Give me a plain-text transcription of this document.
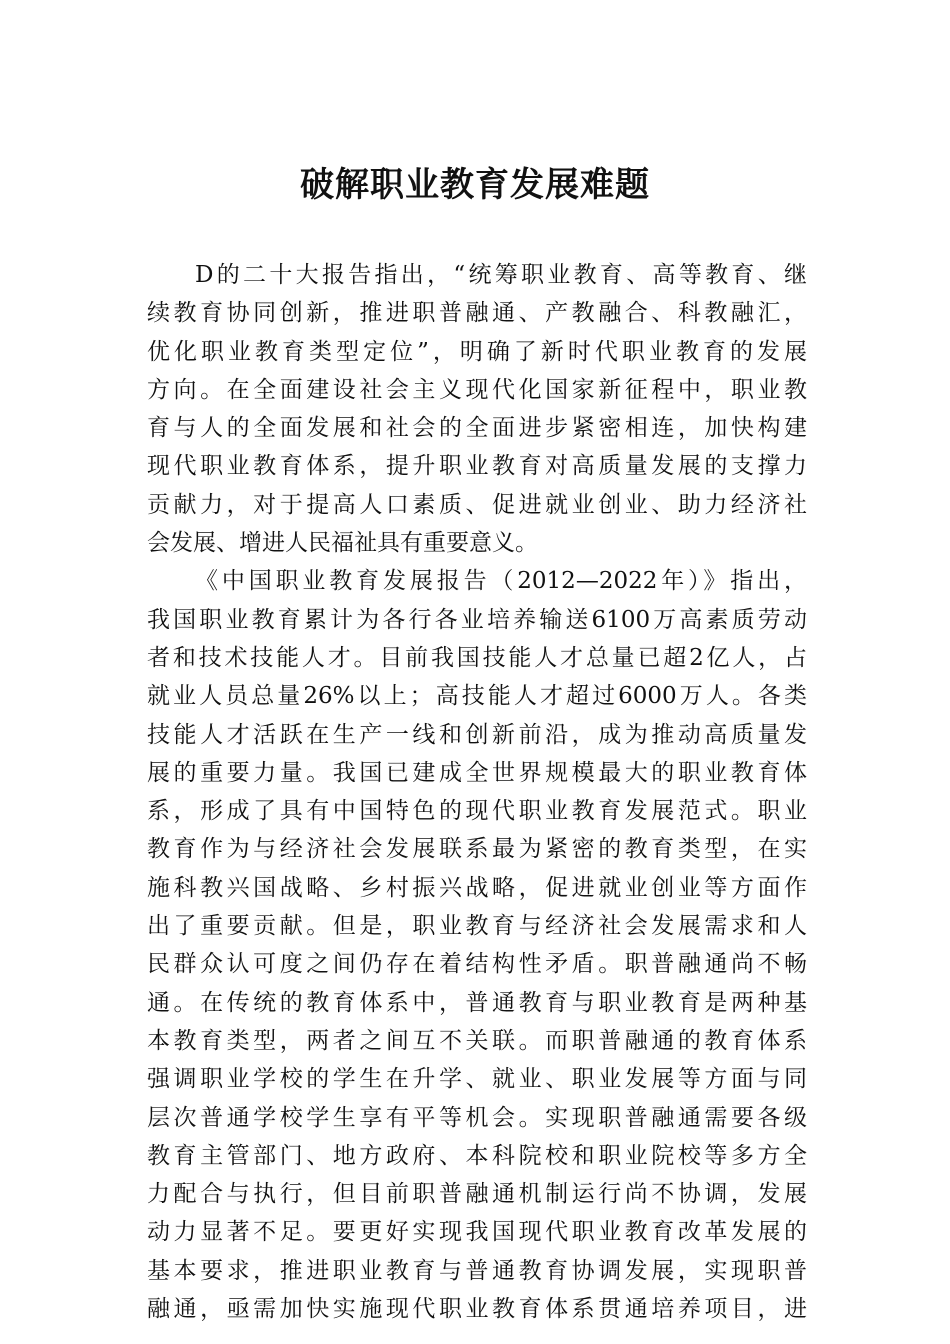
破解职业教育发展难题
D的二十大报告指出，“统筹职业教育、高等教育、继
续教育协同创新，推进职普融通、产教融合、科教融汇，
优化职业教育类型定位”，明确了新时代职业教育的发展
方向。在全面建设社会主义现代化国家新征程中，职业教
育与人的全面发展和社会的全面进步紧密相连，加快构建
现代职业教育体系，提升职业教育对高质量发展的支撑力
贡献力，对于提高人口素质、促进就业创业、助力经济社
会发展、增进人民福祉具有重要意义。
《中国职业教育发展报告（2012—2022年）》指出，
我国职业教育累计为各行各业培养输送6100万高素质劳动
者和技术技能人才。目前我国技能人才总量已超2亿人，占
就业人员总量26%以上；高技能人才超过6000万人。各类
技能人才活跃在生产一线和创新前沿，成为推动高质量发
展的重要力量。我国已建成全世界规模最大的职业教育体
系，形成了具有中国特色的现代职业教育发展范式。职业
教育作为与经济社会发展联系最为紧密的教育类型，在实
施科教兴国战略、乡村振兴战略，促进就业创业等方面作
出了重要贡献。但是，职业教育与经济社会发展需求和人
民群众认可度之间仍存在着结构性矛盾。职普融通尚不畅
通。在传统的教育体系中，普通教育与职业教育是两种基
本教育类型，两者之间互不关联。而职普融通的教育体系
强调职业学校的学生在升学、就业、职业发展等方面与同
层次普通学校学生享有平等机会。实现职普融通需要各级
教育主管部门、地方政府、本科院校和职业院校等多方全
力配合与执行，但目前职普融通机制运行尚不协调，发展
动力显著不足。要更好实现我国现代职业教育改革发展的
基本要求，推进职业教育与普通教育协调发展，实现职普
融通，亟需加快实施现代职业教育体系贯通培养项目，进
